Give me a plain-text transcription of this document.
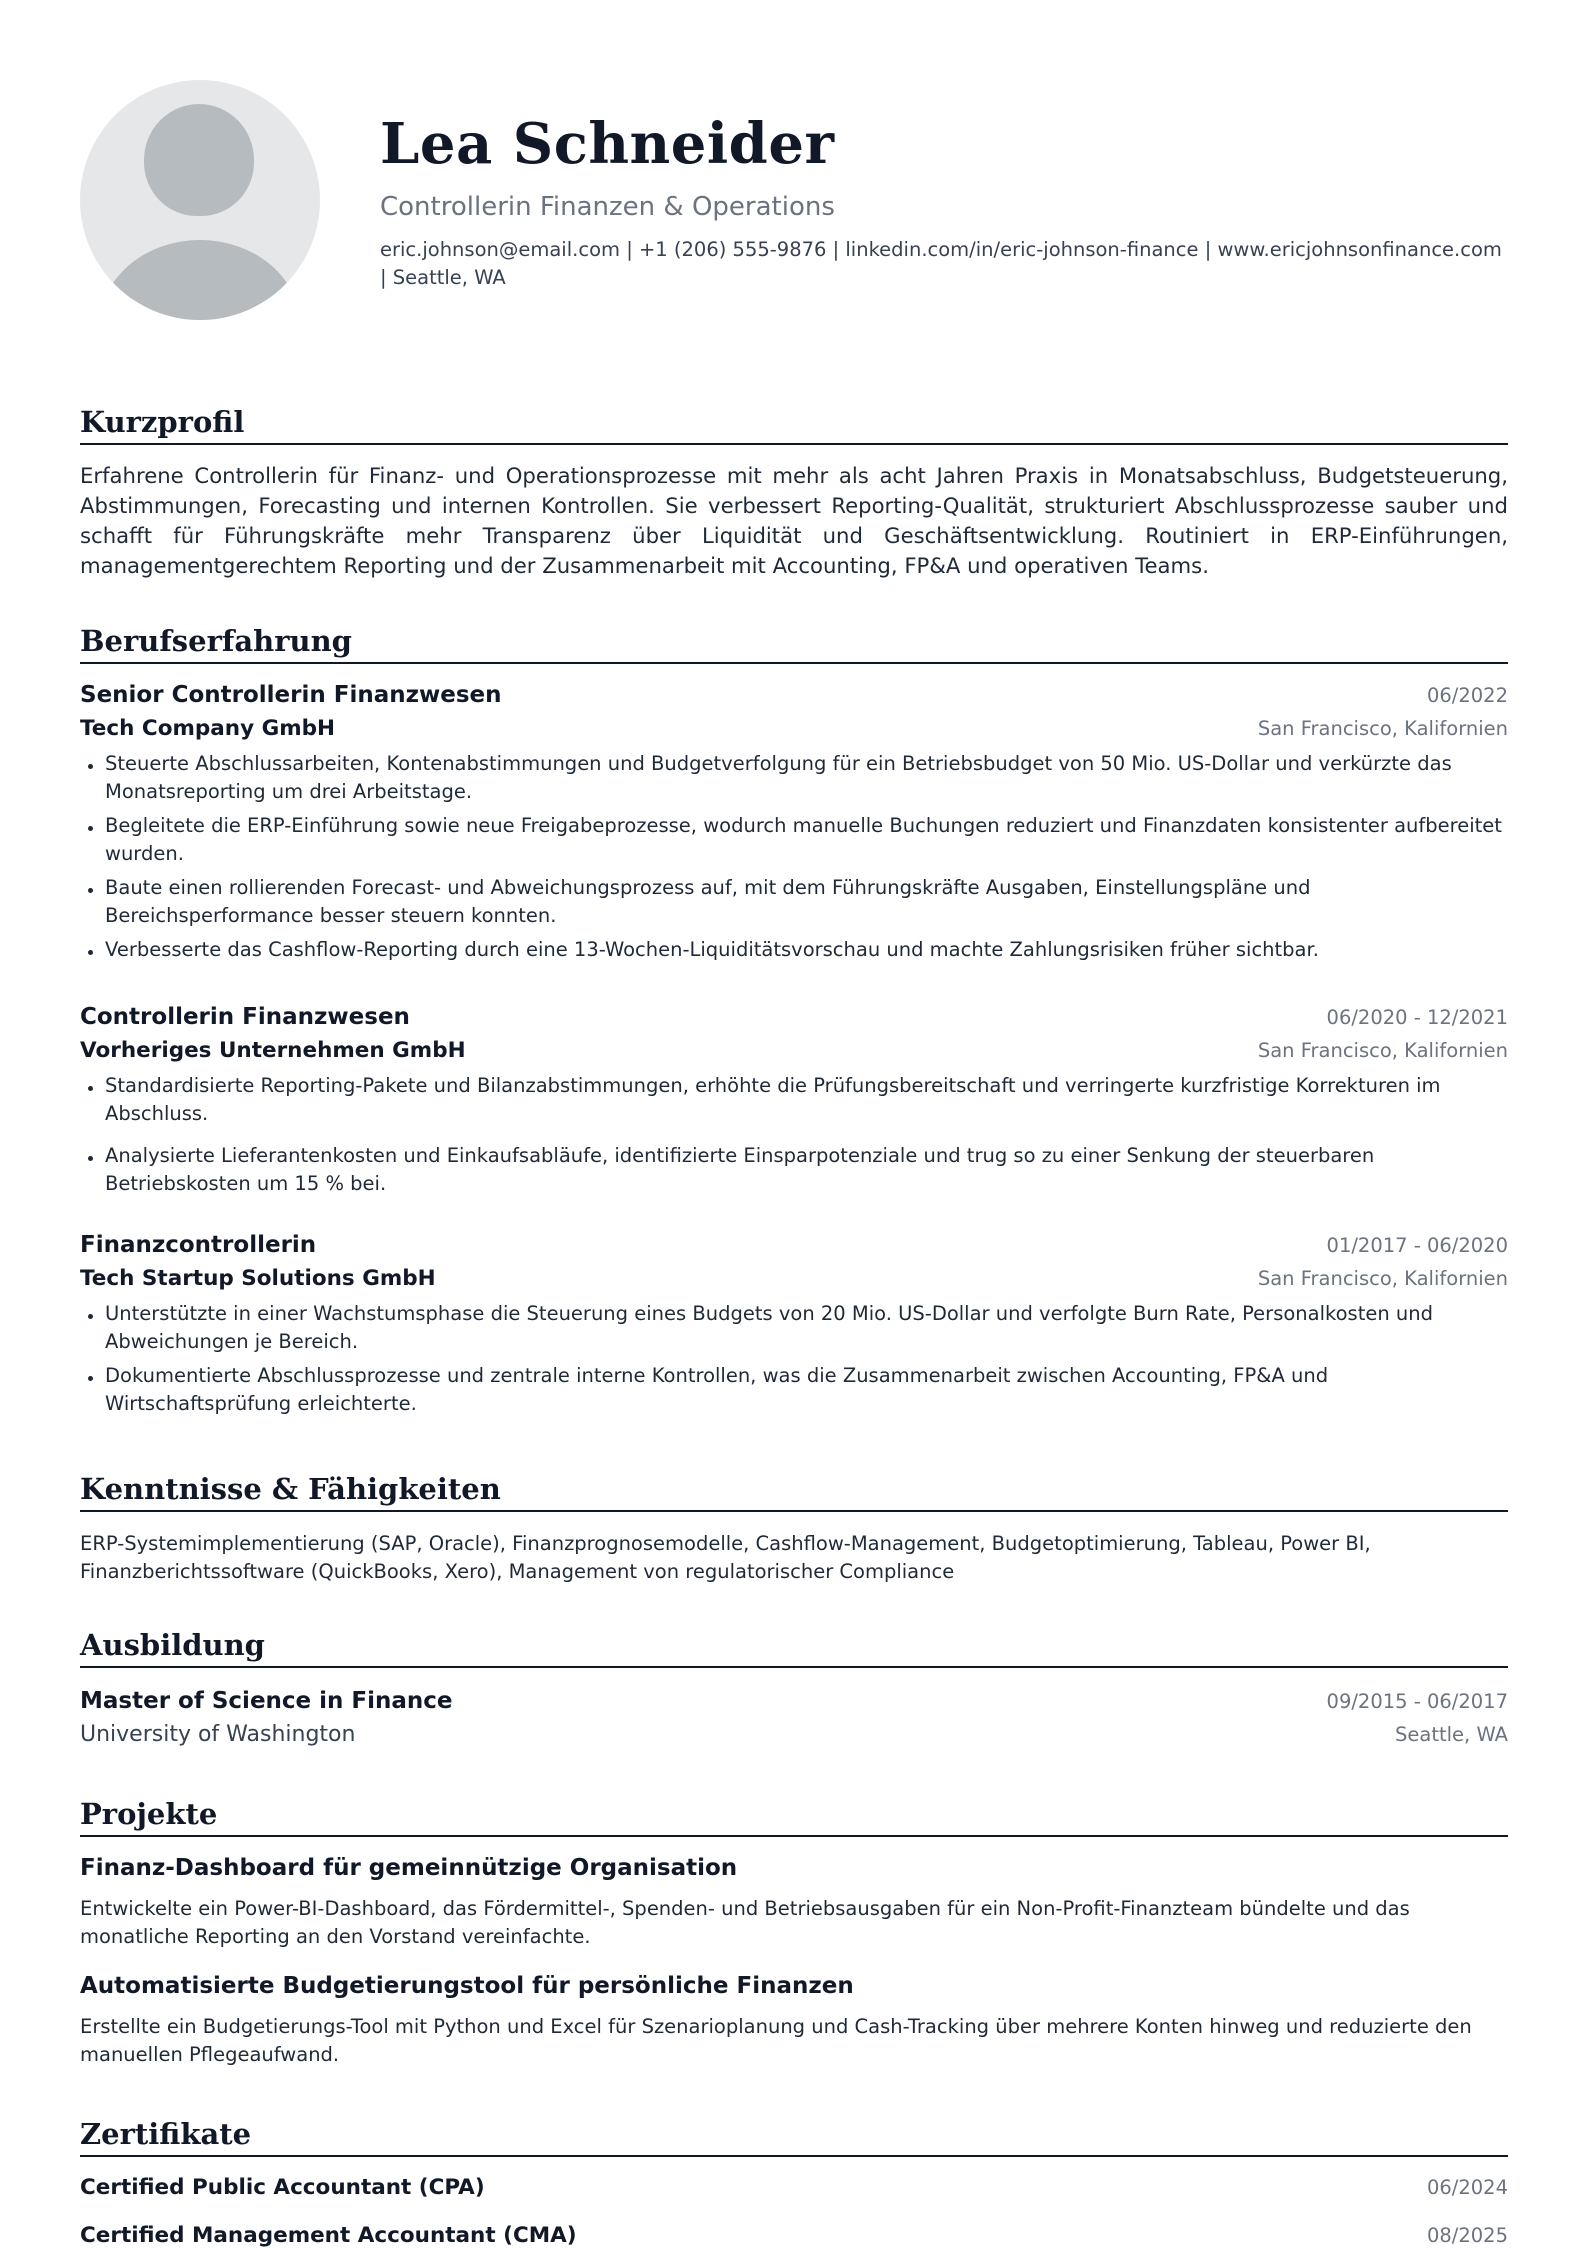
Lea Schneider
Controllerin Finanzen & Operations
eric.johnson@email.com | +1 (206) 555-9876 | linkedin.com/in/eric-johnson-finance | www.ericjohnsonfinance.com | Seattle, WA
Kurzprofil
Erfahrene Controllerin für Finanz- und Operationsprozesse mit mehr als acht Jahren Praxis in Monatsabschluss, Budgetsteuerung, Abstimmungen, Forecasting und internen Kontrollen. Sie verbessert Reporting-Qualität, strukturiert Abschlussprozesse sauber und schafft für Führungskräfte mehr Transparenz über Liquidität und Geschäftsentwicklung. Routiniert in ERP-Einführungen, managementgerechtem Reporting und der Zusammenarbeit mit Accounting, FP&A und operativen Teams.
Berufserfahrung
Senior Controllerin Finanzwesen	06/2022
Tech Company GmbH	San Francisco, Kalifornien
Steuerte Abschlussarbeiten, Kontenabstimmungen und Budgetverfolgung für ein Betriebsbudget von 50 Mio. US-Dollar und verkürzte das Monatsreporting um drei Arbeitstage.
Begleitete die ERP-Einführung sowie neue Freigabeprozesse, wodurch manuelle Buchungen reduziert und Finanzdaten konsistenter aufbereitet wurden.
Baute einen rollierenden Forecast- und Abweichungsprozess auf, mit dem Führungskräfte Ausgaben, Einstellungspläne und Bereichsperformance besser steuern konnten.
Verbesserte das Cashflow-Reporting durch eine 13-Wochen-Liquiditätsvorschau und machte Zahlungsrisiken früher sichtbar.
Controllerin Finanzwesen	06/2020 - 12/2021
Vorheriges Unternehmen GmbH	San Francisco, Kalifornien
Standardisierte Reporting-Pakete und Bilanzabstimmungen, erhöhte die Prüfungsbereitschaft und verringerte kurzfristige Korrekturen im Abschluss.
Analysierte Lieferantenkosten und Einkaufsabläufe, identifizierte Einsparpotenziale und trug so zu einer Senkung der steuerbaren Betriebskosten um 15 % bei.
Finanzcontrollerin	01/2017 - 06/2020
Tech Startup Solutions GmbH	San Francisco, Kalifornien
Unterstützte in einer Wachstumsphase die Steuerung eines Budgets von 20 Mio. US-Dollar und verfolgte Burn Rate, Personalkosten und Abweichungen je Bereich.
Dokumentierte Abschlussprozesse und zentrale interne Kontrollen, was die Zusammenarbeit zwischen Accounting, FP&A und Wirtschaftsprüfung erleichterte.
Kenntnisse & Fähigkeiten
ERP-Systemimplementierung (SAP, Oracle), Finanzprognosemodelle, Cashflow-Management, Budgetoptimierung, Tableau, Power BI, Finanzberichtssoftware (QuickBooks, Xero), Management von regulatorischer Compliance
Ausbildung
Master of Science in Finance	09/2015 - 06/2017
University of Washington	Seattle, WA
Projekte
Finanz-Dashboard für gemeinnützige Organisation
Entwickelte ein Power-BI-Dashboard, das Fördermittel-, Spenden- und Betriebsausgaben für ein Non-Profit-Finanzteam bündelte und das monatliche Reporting an den Vorstand vereinfachte.
Automatisierte Budgetierungstool für persönliche Finanzen
Erstellte ein Budgetierungs-Tool mit Python und Excel für Szenarioplanung und Cash-Tracking über mehrere Konten hinweg und reduzierte den manuellen Pflegeaufwand.
Zertifikate
Certified Public Accountant (CPA)	06/2024
Certified Management Accountant (CMA)	08/2025
